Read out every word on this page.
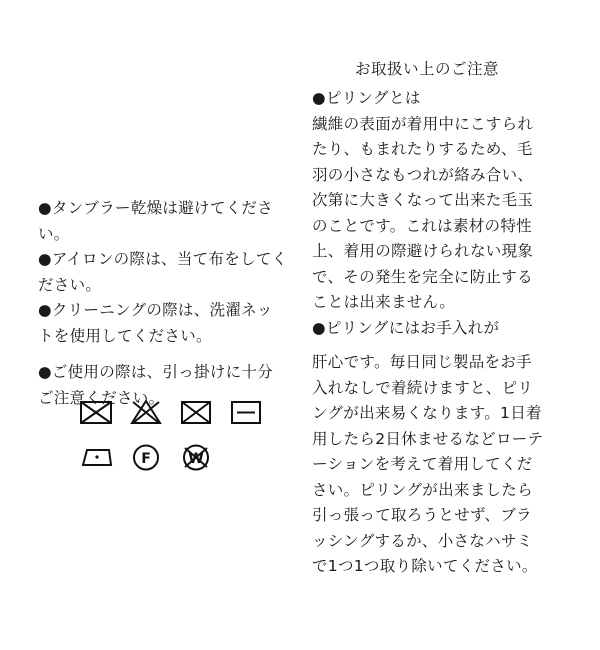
お取扱い上のご注意

●ピリングとは

繊維の表面が着用中にこすられたり、もまれたりするため、毛羽の小さなもつれが絡み合い、次第に大きくなって出来た毛玉のことです。これは素材の特性上、着用の際避けられない現象で、その発生を完全に防止することは出来ません。

●ピリングにはお手入れが

肝心です。毎日同じ製品をお手入れなしで着続けますと、ピリングが出来易くなります。1日着用したら2日休ませるなどローテーションを考えて着用してください。ピリングが出来ましたら引っ張って取ろうとせず、ブラッシングするか、小さなハサミで1つ1つ取り除いてください。

●タンブラー乾燥は避けてください。

●アイロンの際は、当て布をしてください。

●クリーニングの際は、洗濯ネットを使用してください。

●ご使用の際は、引っ掛けに十分ご注意ください。

F	W
